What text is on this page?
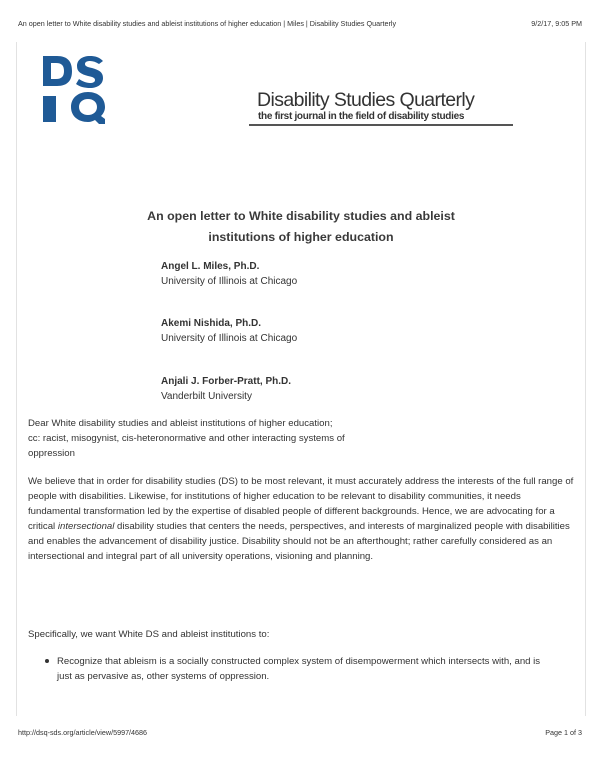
An open letter to White disability studies and ableist institutions of higher education | Miles | Disability Studies Quarterly	9/2/17, 9:05 PM
Disability Studies Quarterly
the first journal in the field of disability studies
An open letter to White disability studies and ableist
institutions of higher education
Angel L. Miles, Ph.D.
University of Illinois at Chicago
Akemi Nishida, Ph.D.
University of Illinois at Chicago
Anjali J. Forber-Pratt, Ph.D.
Vanderbilt University

Dear White disability studies and ableist institutions of higher education;
cc: racist, misogynist, cis-heteronormative and other interacting systems of
oppression

We believe that in order for disability studies (DS) to be most relevant, it must accurately address the interests of the full range of people with disabilities. Likewise, for institutions of higher education to be relevant to disability communities, it needs fundamental transformation led by the expertise of disabled people of different backgrounds. Hence, we are advocating for a critical intersectional disability studies that centers the needs, perspectives, and interests of marginalized people with disabilities and enables the advancement of disability justice. Disability should not be an afterthought; rather carefully considered as an intersectional and integral part of all university operations, visioning and planning.

Specifically, we want White DS and ableist institutions to:

Recognize that ableism is a socially constructed complex system of disempowerment which intersects with, and is just as pervasive as, other systems of oppression.
http://dsq-sds.org/article/view/5997/4686	Page 1 of 3
